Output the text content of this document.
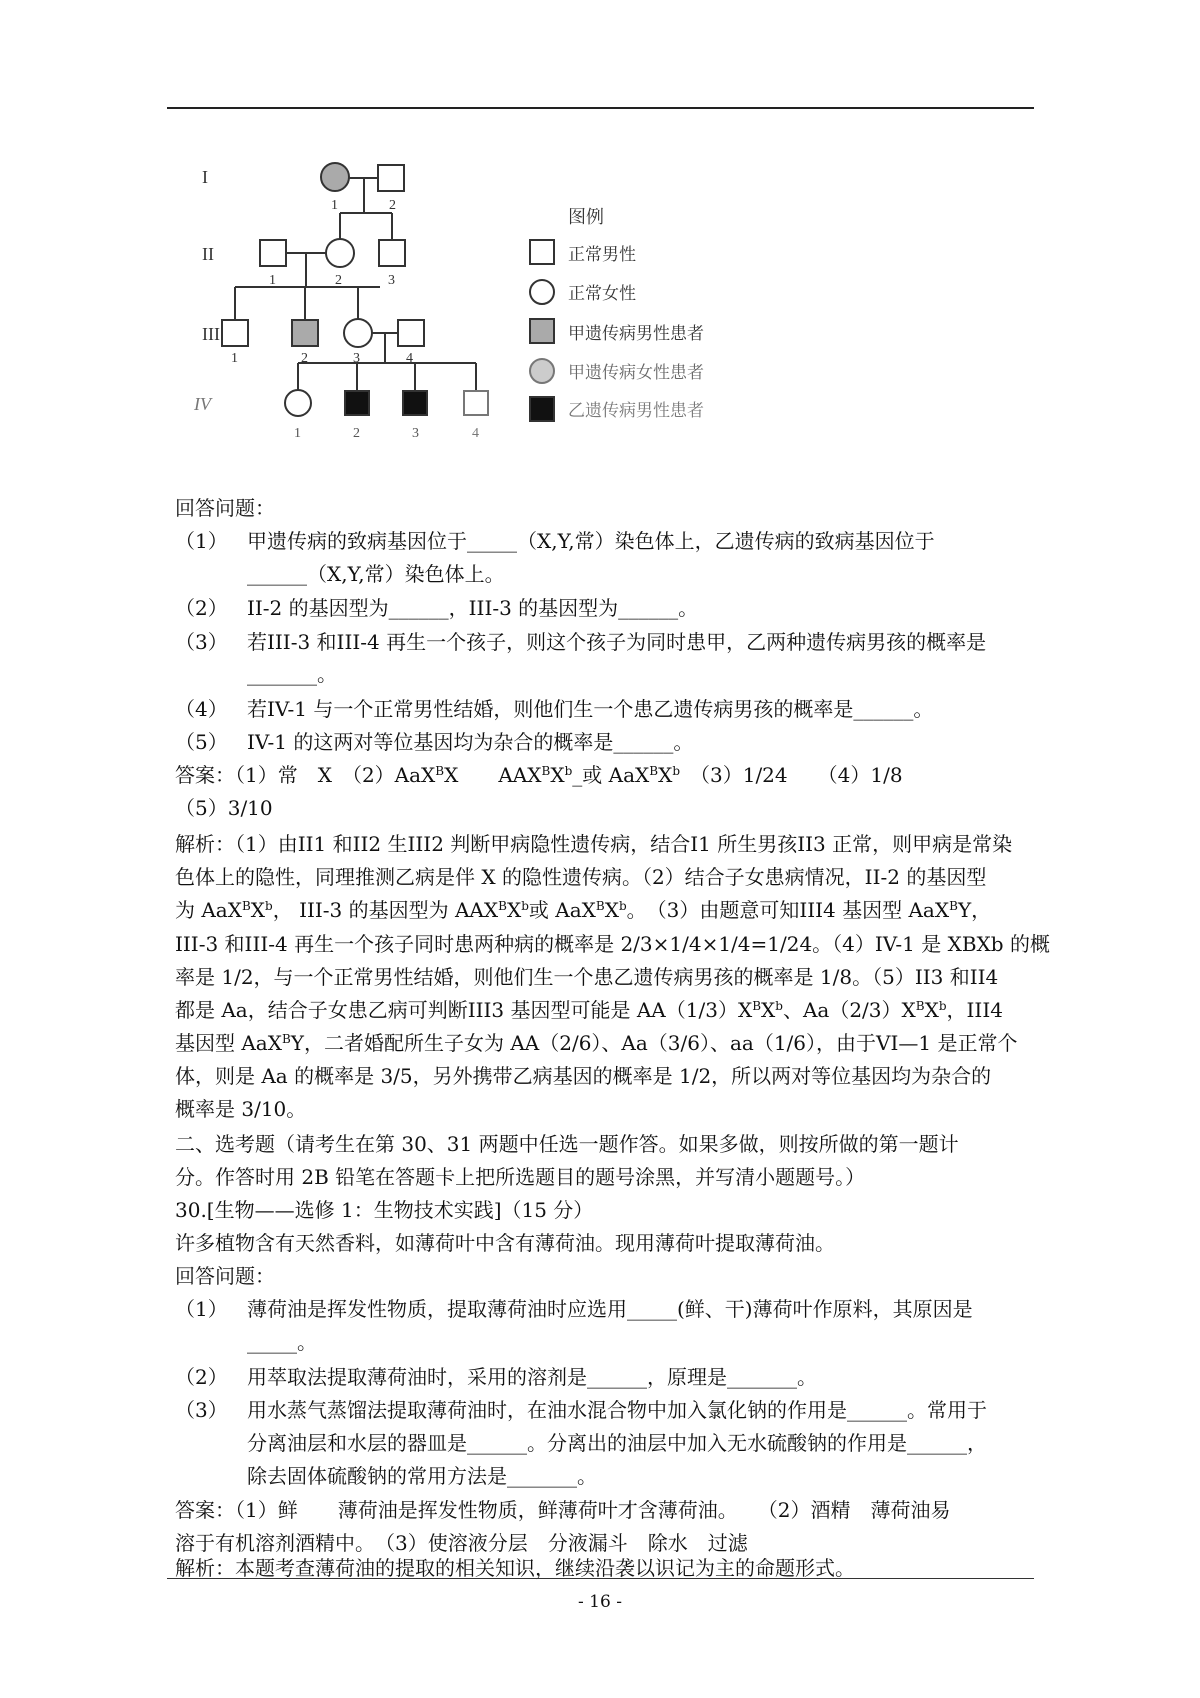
I
II
III
IV
1	2
1	2	3
1	2	3	4
1	2	3	4
图例
正常男性
正常女性
甲遗传病男性患者
甲遗传病女性患者
乙遗传病男性患者
回答问题：
（1） 甲遗传病的致病基因位于_____（X,Y,常）染色体上，乙遗传病的致病基因位于
______（X,Y,常）染色体上。
（2） II-2 的基因型为______，III-3 的基因型为______。
（3） 若III-3 和III-4 再生一个孩子，则这个孩子为同时患甲，乙两种遗传病男孩的概率是
_______。
（4） 若IV-1 与一个正常男性结婚，则他们生一个患乙遗传病男孩的概率是______。
（5） IV-1 的这两对等位基因均为杂合的概率是______。
答案：（1）常　X　（2）AaX$^B$X　　$AAX^BX^b\_$或 $AaX^BX^b$　（3）1/24　　（4）1/8
（5）3/10
解析：（1）由II1 和II2 生III2 判断甲病隐性遗传病，结合I1 所生男孩II3 正常，则甲病是常染
色体上的隐性，同理推测乙病是伴 X 的隐性遗传病。（2）结合子女患病情况，II-2 的基因型
为 $AaX^BX^b$， III-3 的基因型为 $AAX^BX^b$或 $AaX^BX^b$。　（3）由题意可知III4 基因型 AaX$^B$Y，
III-3 和III-4 再生一个孩子同时患两种病的概率是 2/3×1/4×1/4=1/24。（4）IV-1 是 XBXb 的概
率是 1/2，与一个正常男性结婚，则他们生一个患乙遗传病男孩的概率是 1/8。（5）II3 和II4
都是 Aa，结合子女患乙病可判断III3 基因型可能是 $AA(1/3)X^BX^b$、$Aa(2/3)X^BX^b$，III4
基因型 AaX$^B$Y，二者婚配所生子女为 AA（2/6）、Aa（3/6）、aa（1/6），由于VI—1 是正常个
体，则是 Aa 的概率是 3/5，另外携带乙病基因的概率是 1/2，所以两对等位基因均为杂合的
概率是 3/10。
二、选考题（请考生在第 30、31 两题中任选一题作答。如果多做，则按所做的第一题计
分。作答时用 2B 铅笔在答题卡上把所选题目的题号涂黑，并写清小题题号。）
30.[生物——选修 1：生物技术实践]（15 分）
许多植物含有天然香料，如薄荷叶中含有薄荷油。现用薄荷叶提取薄荷油。
回答问题：
（1） 薄荷油是挥发性物质，提取薄荷油时应选用_____(鲜、干)薄荷叶作原料，其原因是
_____。
（2） 用萃取法提取薄荷油时，采用的溶剂是______，原理是_______。
（3） 用水蒸气蒸馏法提取薄荷油时，在油水混合物中加入氯化钠的作用是______。常用于
分离油层和水层的器皿是______。分离出的油层中加入无水硫酸钠的作用是______，
除去固体硫酸钠的常用方法是_______。
答案：（1）鲜　　薄荷油是挥发性物质，鲜薄荷叶才含薄荷油。　　（2）酒精　薄荷油易
溶于有机溶剂酒精中。　（3）使溶液分层　分液漏斗　除水　过滤
解析：本题考查薄荷油的提取的相关知识，继续沿袭以识记为主的命题形式。
- 16 -
